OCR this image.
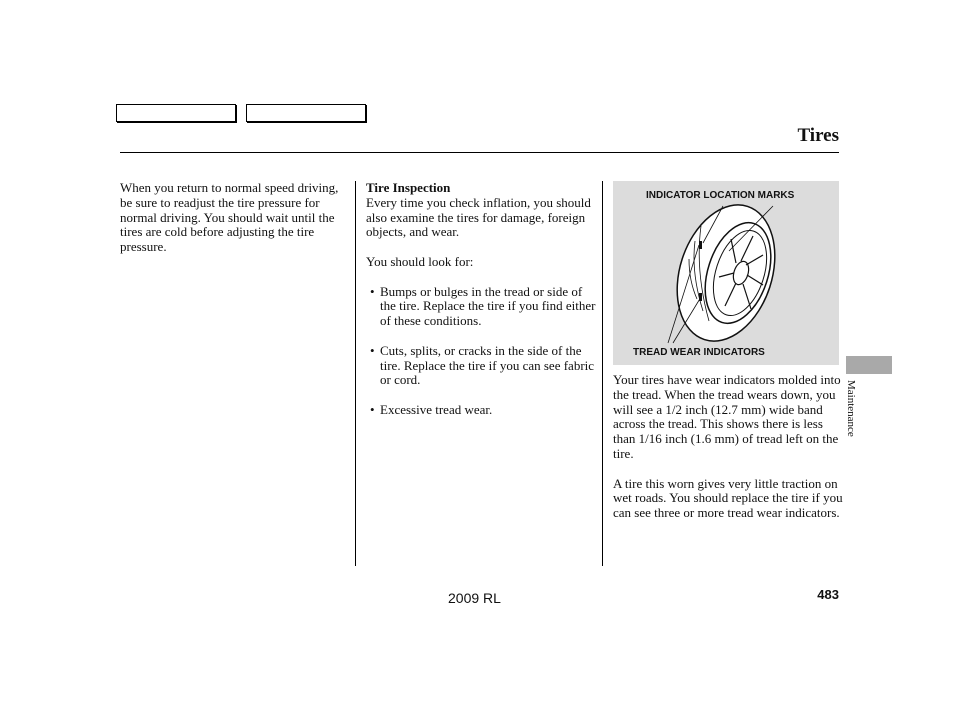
Tires

When you return to normal speed driving, be sure to readjust the tire pressure for normal driving. You should wait until the tires are cold before adjusting the tire pressure.

Tire Inspection

Every time you check inflation, you should also examine the tires for damage, foreign objects, and wear.

You should look for:

• Bumps or bulges in the tread or side of the tire. Replace the tire if you find either of these conditions.
• Cuts, splits, or cracks in the side of the tire. Replace the tire if you can see fabric or cord.
• Excessive tread wear.
INDICATOR LOCATION MARKS
TREAD WEAR INDICATORS

Your tires have wear indicators molded into the tread. When the tread wears down, you will see a 1/2 inch (12.7 mm) wide band across the tread. This shows there is less than 1/16 inch (1.6 mm) of tread left on the tire.

A tire this worn gives very little traction on wet roads. You should replace the tire if you can see three or more tread wear indicators.

Maintenance
2009 RL	483
